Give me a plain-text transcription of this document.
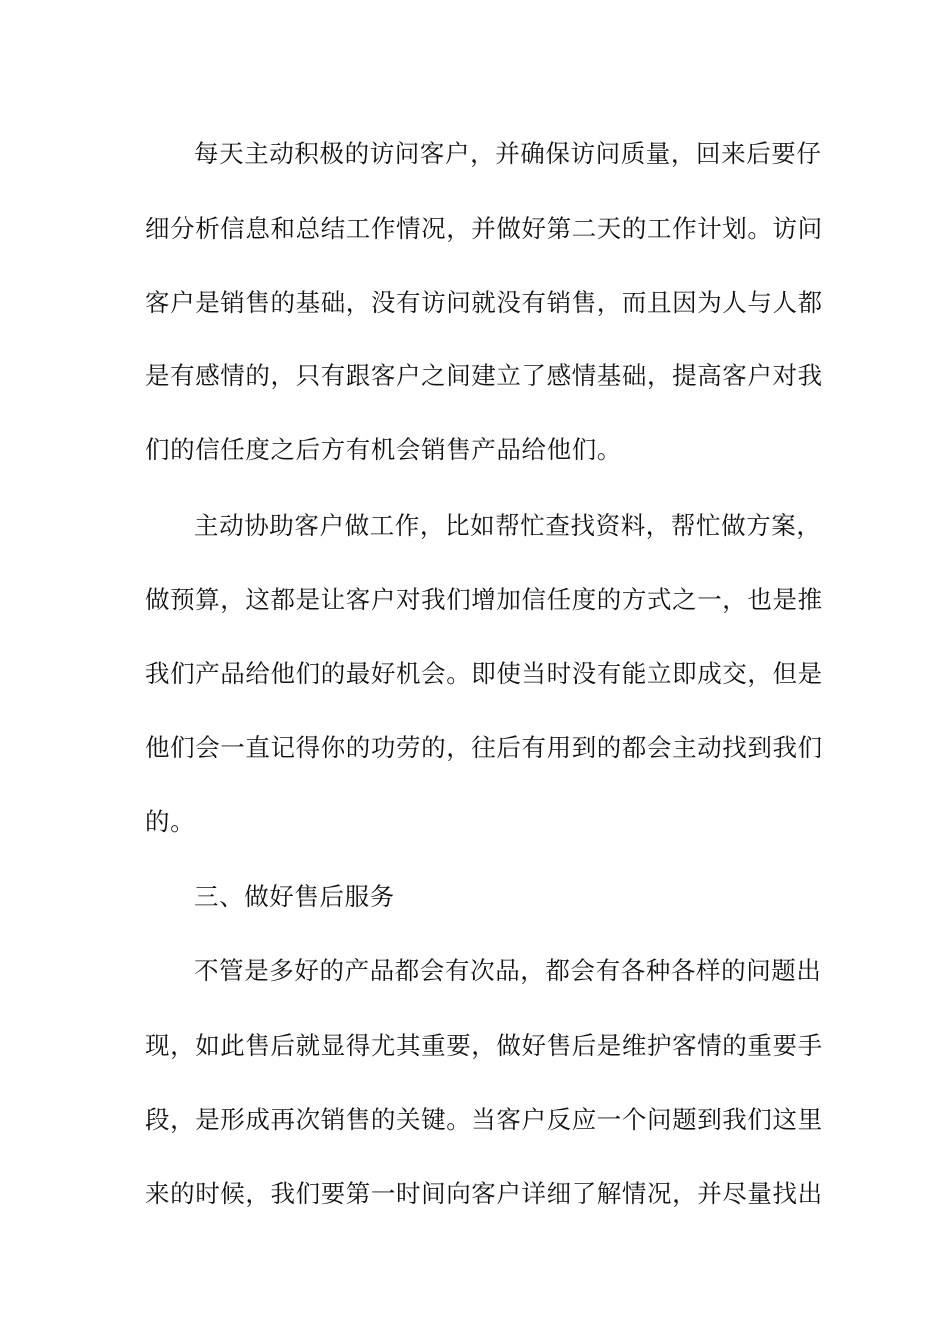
每天主动积极的访问客户，并确保访问质量，回来后要仔
细分析信息和总结工作情况，并做好第二天的工作计划。访问
客户是销售的基础，没有访问就没有销售，而且因为人与人都
是有感情的，只有跟客户之间建立了感情基础，提高客户对我
们的信任度之后方有机会销售产品给他们。
主动协助客户做工作，比如帮忙查找资料，帮忙做方案，
做预算，这都是让客户对我们增加信任度的方式之一，也是推
我们产品给他们的最好机会。即使当时没有能立即成交，但是
他们会一直记得你的功劳的，往后有用到的都会主动找到我们
的。
三、做好售后服务
不管是多好的产品都会有次品，都会有各种各样的问题出
现，如此售后就显得尤其重要，做好售后是维护客情的重要手
段，是形成再次销售的关键。当客户反应一个问题到我们这里
来的时候，我们要第一时间向客户详细了解情况，并尽量找出
